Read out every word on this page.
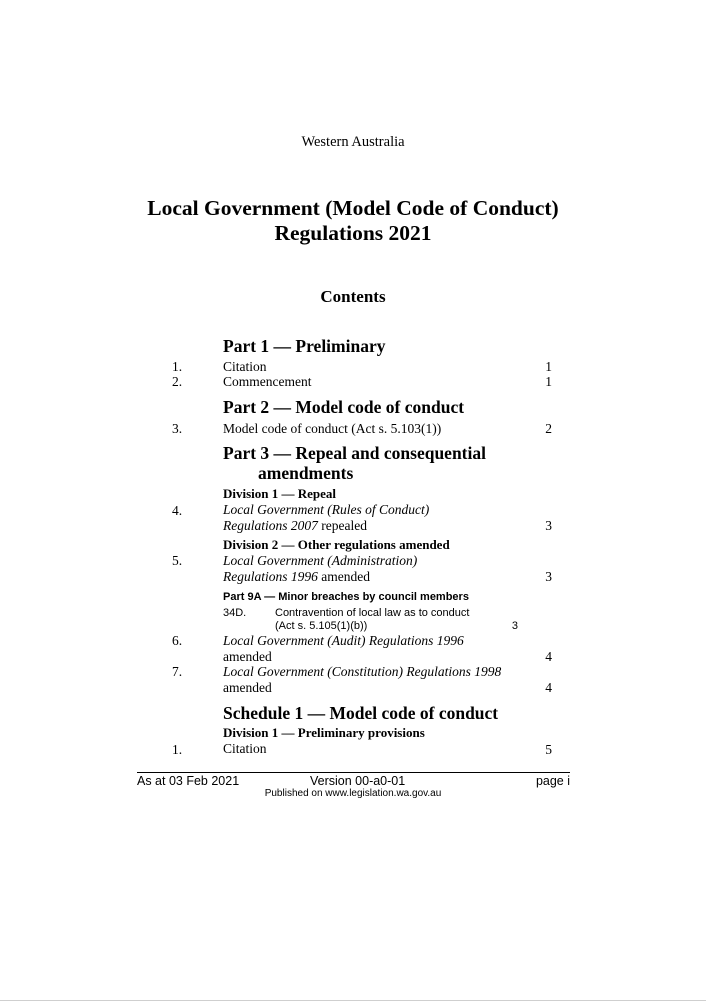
Western Australia
Local Government (Model Code of Conduct)
Regulations 2021
Contents
Part 1 — Preliminary
1.	Citation	1
2.	Commencement	1
Part 2 — Model code of conduct
3.	Model code of conduct (Act s. 5.103(1))	2
Part 3 — Repeal and consequential
amendments
Division 1 — Repeal
4.	Local Government (Rules of Conduct)
Regulations 2007 repealed	3
Division 2 — Other regulations amended
5.	Local Government (Administration)
Regulations 1996 amended	3
Part 9A — Minor breaches by council members
34D.	Contravention of local law as to conduct
(Act s. 5.105(1)(b))	3
6.	Local Government (Audit) Regulations 1996
amended	4
7.	Local Government (Constitution) Regulations 1998
amended	4
Schedule 1 — Model code of conduct
Division 1 — Preliminary provisions
1.	Citation	5
As at 03 Feb 2021	Version 00-a0-01	page i
Published on www.legislation.wa.gov.au
